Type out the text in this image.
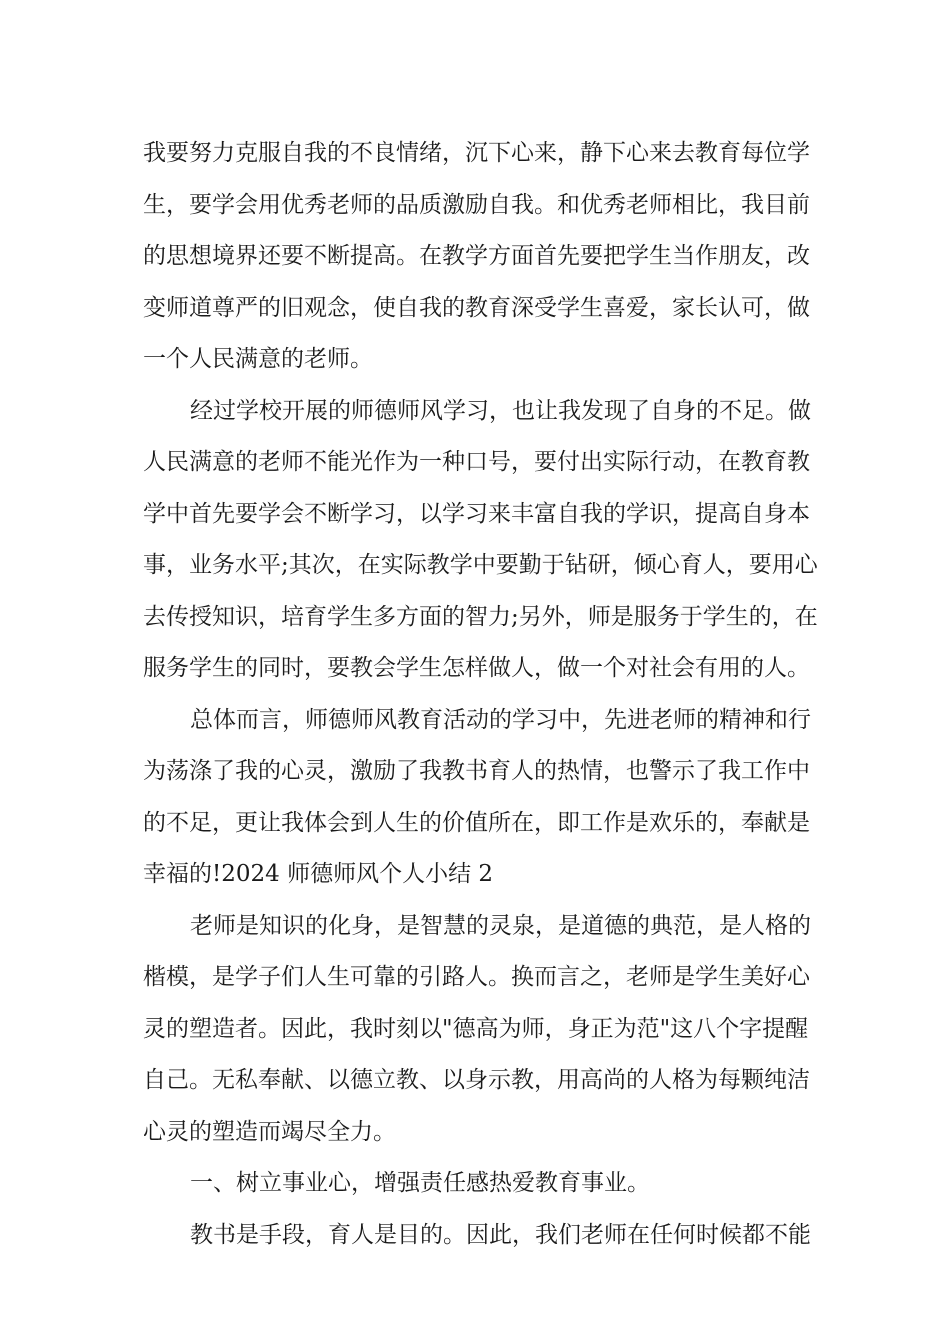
我要努力克服自我的不良情绪，沉下心来，静下心来去教育每位学
生，要学会用优秀老师的品质激励自我。和优秀老师相比，我目前
的思想境界还要不断提高。在教学方面首先要把学生当作朋友，改
变师道尊严的旧观念，使自我的教育深受学生喜爱，家长认可，做
一个人民满意的老师。
经过学校开展的师德师风学习，也让我发现了自身的不足。做
人民满意的老师不能光作为一种口号，要付出实际行动，在教育教
学中首先要学会不断学习，以学习来丰富自我的学识，提高自身本
事，业务水平;其次，在实际教学中要勤于钻研，倾心育人，要用心
去传授知识，培育学生多方面的智力;另外，师是服务于学生的，在
服务学生的同时，要教会学生怎样做人，做一个对社会有用的人。
总体而言，师德师风教育活动的学习中，先进老师的精神和行
为荡涤了我的心灵，激励了我教书育人的热情，也警示了我工作中
的不足，更让我体会到人生的价值所在，即工作是欢乐的，奉献是
幸福的!2024 师德师风个人小结 2
老师是知识的化身，是智慧的灵泉，是道德的典范，是人格的
楷模，是学子们人生可靠的引路人。换而言之，老师是学生美好心
灵的塑造者。因此，我时刻以"德高为师，身正为范"这八个字提醒
自己。无私奉献、以德立教、以身示教，用高尚的人格为每颗纯洁
心灵的塑造而竭尽全力。
一、树立事业心，增强责任感热爱教育事业。
教书是手段，育人是目的。因此，我们老师在任何时候都不能
